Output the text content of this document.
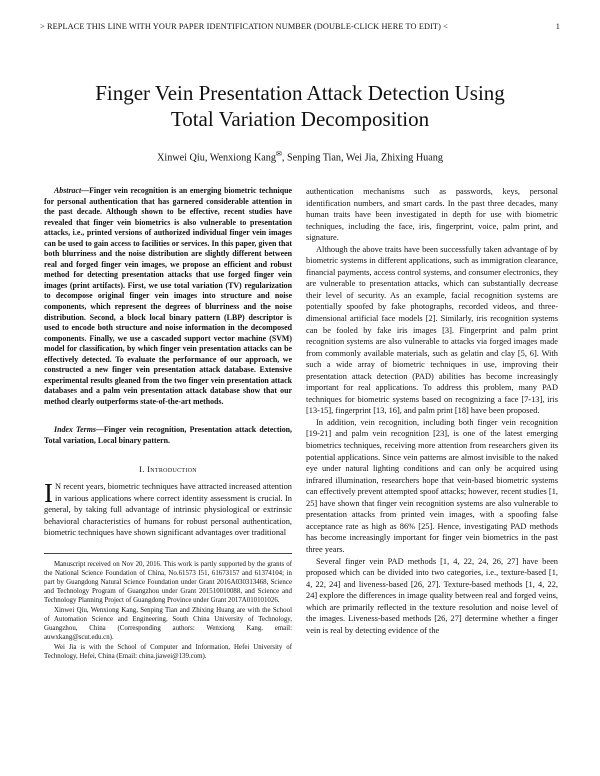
> REPLACE THIS LINE WITH YOUR PAPER IDENTIFICATION NUMBER (DOUBLE-CLICK HERE TO EDIT) <	1
Finger Vein Presentation Attack Detection Using
Total Variation Decomposition
Xinwei Qiu, Wenxiong Kang✉, Senping Tian, Wei Jia, Zhixing Huang

Abstract—Finger vein recognition is an emerging biometric technique for personal authentication that has garnered considerable attention in the past decade. Although shown to be effective, recent studies have revealed that finger vein biometrics is also vulnerable to presentation attacks, i.e., printed versions of authorized individual finger vein images can be used to gain access to facilities or services. In this paper, given that both blurriness and the noise distribution are slightly different between real and forged finger vein images, we propose an efficient and robust method for detecting presentation attacks that use forged finger vein images (print artifacts). First, we use total variation (TV) regularization to decompose original finger vein images into structure and noise components, which represent the degrees of blurriness and the noise distribution. Second, a block local binary pattern (LBP) descriptor is used to encode both structure and noise information in the decomposed components. Finally, we use a cascaded support vector machine (SVM) model for classification, by which finger vein presentation attacks can be effectively detected. To evaluate the performance of our approach, we constructed a new finger vein presentation attack database. Extensive experimental results gleaned from the two finger vein presentation attack databases and a palm vein presentation attack database show that our method clearly outperforms state-of-the-art methods.

Index Terms—Finger vein recognition, Presentation attack detection, Total variation, Local binary pattern.

I. Introduction

I N recent years, biometric techniques have attracted increased attention in various applications where correct identity assessment is crucial. In general, by taking full advantage of intrinsic physiological or extrinsic behavioral characteristics of humans for robust personal authentication, biometric techniques have shown significant advantages over traditional

Manuscript received on Nov 20, 2016. This work is partly supported by the grants of the National Science Foundation of China, No.61573 I51, 61673157 and 61374104; in part by Guangdong Natural Science Foundation under Grant 2016A030313468, Science and Technology Program of Guangzhou under Grant 201510010088, and Science and Technology Planning Project of Guangdong Province under Grant 2017A010101026.

Xinwei Qiu, Wenxiong Kang, Senping Tian and Zhixing Huang are with the School of Automation Science and Engineering, South China University of Technology, Guangzhou, China (Corresponding authors: Wenxiong Kang. email: auwxkang@scut.edu.cn).

Wei Jia is with the School of Computer and Information, Hefei University of Technology, Hefei, China (Email: china.jiawei@139.com).

authentication mechanisms such as passwords, keys, personal identification numbers, and smart cards. In the past three decades, many human traits have been investigated in depth for use with biometric techniques, including the face, iris, fingerprint, voice, palm print, and signature.

Although the above traits have been successfully taken advantage of by biometric systems in different applications, such as immigration clearance, financial payments, access control systems, and consumer electronics, they are vulnerable to presentation attacks, which can substantially decrease their level of security. As an example, facial recognition systems are potentially spoofed by fake photographs, recorded videos, and three-dimensional artificial face models [2]. Similarly, iris recognition systems can be fooled by fake iris images [3]. Fingerprint and palm print recognition systems are also vulnerable to attacks via forged images made from commonly available materials, such as gelatin and clay [5, 6]. With such a wide array of biometric techniques in use, improving their presentation attack detection (PAD) abilities has become increasingly important for real applications. To address this problem, many PAD techniques for biometric systems based on recognizing a face [7-13], iris [13-15], fingerprint [13, 16], and palm print [18] have been proposed.

In addition, vein recognition, including both finger vein recognition [19-21] and palm vein recognition [23], is one of the latest emerging biometrics techniques, receiving more attention from researchers given its potential applications. Since vein patterns are almost invisible to the naked eye under natural lighting conditions and can only be acquired using infrared illumination, researchers hope that vein-based biometric systems can effectively prevent attempted spoof attacks; however, recent studies [1, 25] have shown that finger vein recognition systems are also vulnerable to presentation attacks from printed vein images, with a spoofing false acceptance rate as high as 86% [25]. Hence, investigating PAD methods has become increasingly important for finger vein biometrics in the past three years.

Several finger vein PAD methods [1, 4, 22, 24, 26, 27] have been proposed which can be divided into two categories, i.e., texture-based [1, 4, 22, 24] and liveness-based [26, 27]. Texture-based methods [1, 4, 22, 24] explore the differences in image quality between real and forged veins, which are primarily reflected in the texture resolution and noise level of the images. Liveness-based methods [26, 27] determine whether a finger vein is real by detecting evidence of the
